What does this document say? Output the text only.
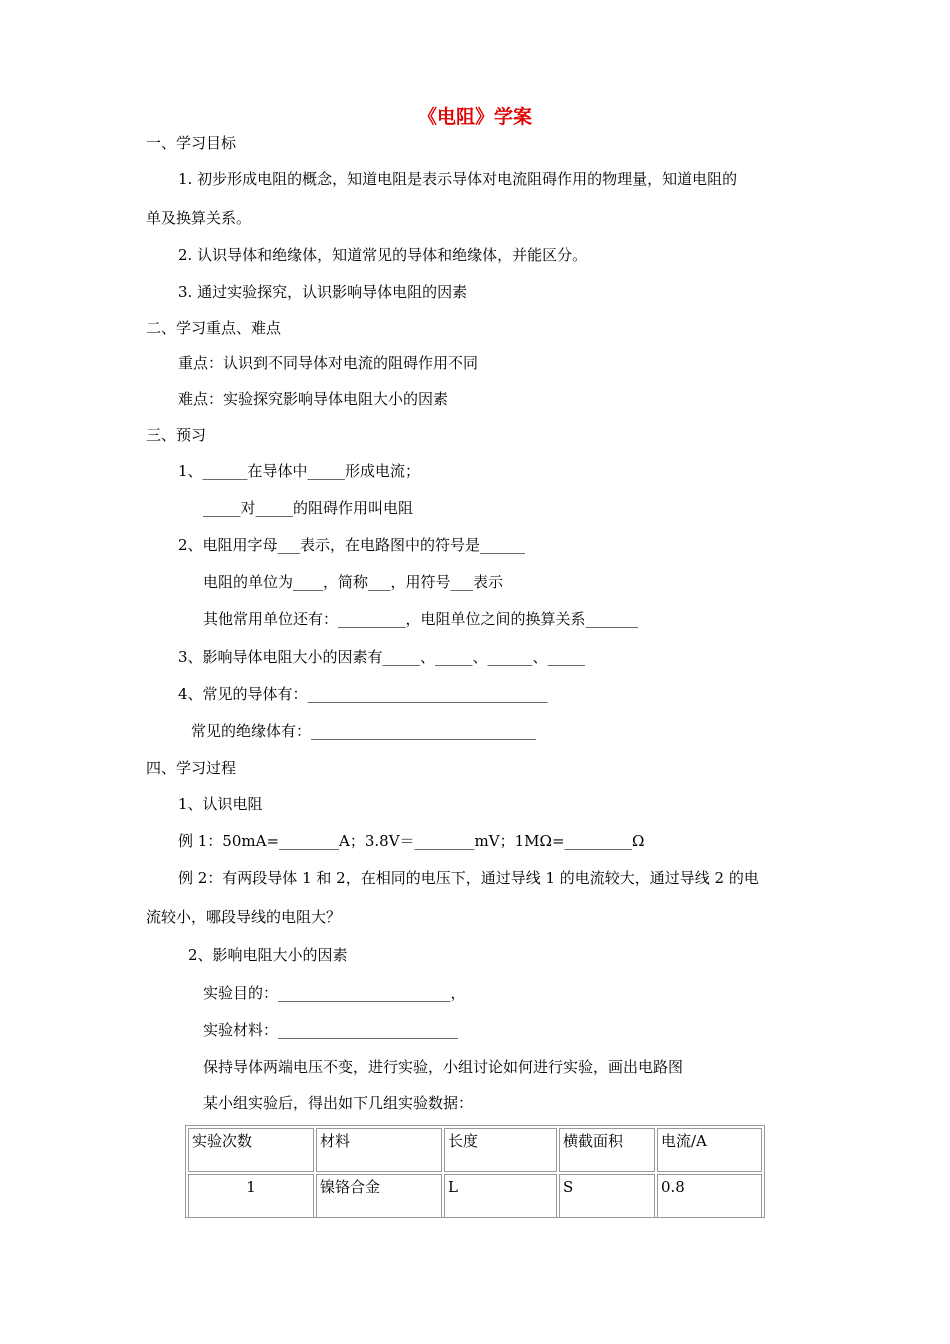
《电阻》学案
一、学习目标
1. 初步形成电阻的概念，知道电阻是表示导体对电流阻碍作用的物理量，知道电阻的
单及换算关系。
2. 认识导体和绝缘体，知道常见的导体和绝缘体，并能区分。
3. 通过实验探究，认识影响导体电阻的因素
二、学习重点、难点
重点：认识到不同导体对电流的阻碍作用不同
难点：实验探究影响导体电阻大小的因素
三、预习
1、______在导体中_____形成电流；
_____对_____的阻碍作用叫电阻
2、电阻用字母___表示，在电路图中的符号是______
电阻的单位为____，简称___，用符号___表示
其他常用单位还有：_________，电阻单位之间的换算关系_______
3、影响导体电阻大小的因素有_____、_____、______、_____
4、常见的导体有：________________________________
常见的绝缘体有：______________________________
四、学习过程
1、认识电阻
例 1：50mA=________A；3.8V＝________mV；1MΩ=_________Ω
例 2：有两段导体 1 和 2，在相同的电压下，通过导线 1 的电流较大，通过导线 2 的电
流较小，哪段导线的电阻大？
2、影响电阻大小的因素
实验目的：_______________________，
实验材料：________________________
保持导体两端电压不变，进行实验，小组讨论如何进行实验，画出电路图
某小组实验后，得出如下几组实验数据：
实验次数	材料	长度	横截面积	电流/A
1	镍铬合金	L	S	0.8
